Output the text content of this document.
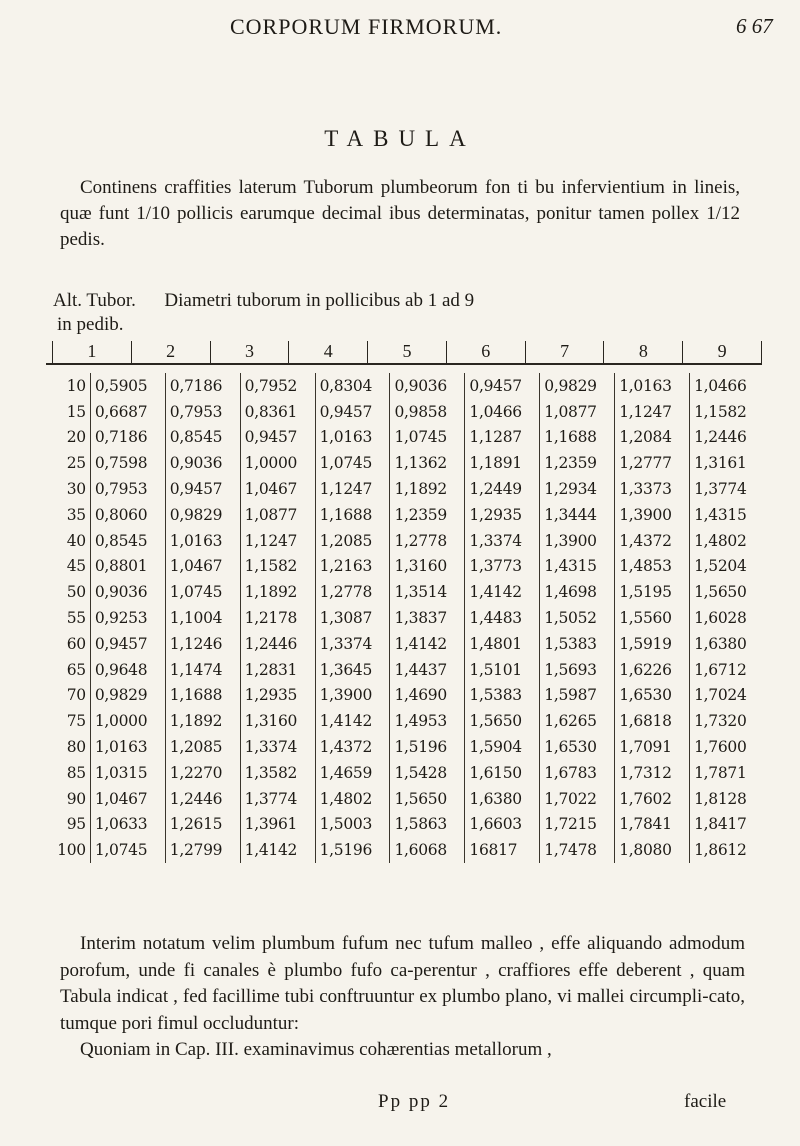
CORPORUM FIRMORUM.	6 67
TABULA

Continens craffities laterum Tuborum plumbeorum fon ti bu infervientium in lineis, quæ funt 1/10 pollicis earumque decimal ibus determinatas, ponitur tamen pollex 1/12 pedis.

Alt. Tubor.      Diametri tuborum in pollicibus ab 1 ad 9
in pedib.
1	2	3	4	5	6	7	8	9
10	0,5905	0,7186	0,7952	0,8304	0,9036	0,9457	0,9829	1,0163	1,0466
15	0,6687	0,7953	0,8361	0,9457	0,9858	1,0466	1,0877	1,1247	1,1582
20	0,7186	0,8545	0,9457	1,0163	1,0745	1,1287	1,1688	1,2084	1,2446
25	0,7598	0,9036	1,0000	1,0745	1,1362	1,1891	1,2359	1,2777	1,3161
30	0,7953	0,9457	1,0467	1,1247	1,1892	1,2449	1,2934	1,3373	1,3774
35	0,8060	0,9829	1,0877	1,1688	1,2359	1,2935	1,3444	1,3900	1,4315
40	0,8545	1,0163	1,1247	1,2085	1,2778	1,3374	1,3900	1,4372	1,4802
45	0,8801	1,0467	1,1582	1,2163	1,3160	1,3773	1,4315	1,4853	1,5204
50	0,9036	1,0745	1,1892	1,2778	1,3514	1,4142	1,4698	1,5195	1,5650
55	0,9253	1,1004	1,2178	1,3087	1,3837	1,4483	1,5052	1,5560	1,6028
60	0,9457	1,1246	1,2446	1,3374	1,4142	1,4801	1,5383	1,5919	1,6380
65	0,9648	1,1474	1,2831	1,3645	1,4437	1,5101	1,5693	1,6226	1,6712
70	0,9829	1,1688	1,2935	1,3900	1,4690	1,5383	1,5987	1,6530	1,7024
75	1,0000	1,1892	1,3160	1,4142	1,4953	1,5650	1,6265	1,6818	1,7320
80	1,0163	1,2085	1,3374	1,4372	1,5196	1,5904	1,6530	1,7091	1,7600
85	1,0315	1,2270	1,3582	1,4659	1,5428	1,6150	1,6783	1,7312	1,7871
90	1,0467	1,2446	1,3774	1,4802	1,5650	1,6380	1,7022	1,7602	1,8128
95	1,0633	1,2615	1,3961	1,5003	1,5863	1,6603	1,7215	1,7841	1,8417
100	1,0745	1,2799	1,4142	1,5196	1,6068	16817	1,7478	1,8080	1,8612

Interim notatum velim plumbum fufum nec tufum malleo , effe aliquando admodum porofum, unde fi canales è plumbo fufo ca-perentur , craffiores effe deberent , quam Tabula indicat , fed facillime tubi conftruuntur ex plumbo plano, vi mallei circumpli-cato, tumque pori fimul occluduntur:

Quoniam in Cap. III. examinavimus cohærentias metallorum ,

Pp pp 2	facile
